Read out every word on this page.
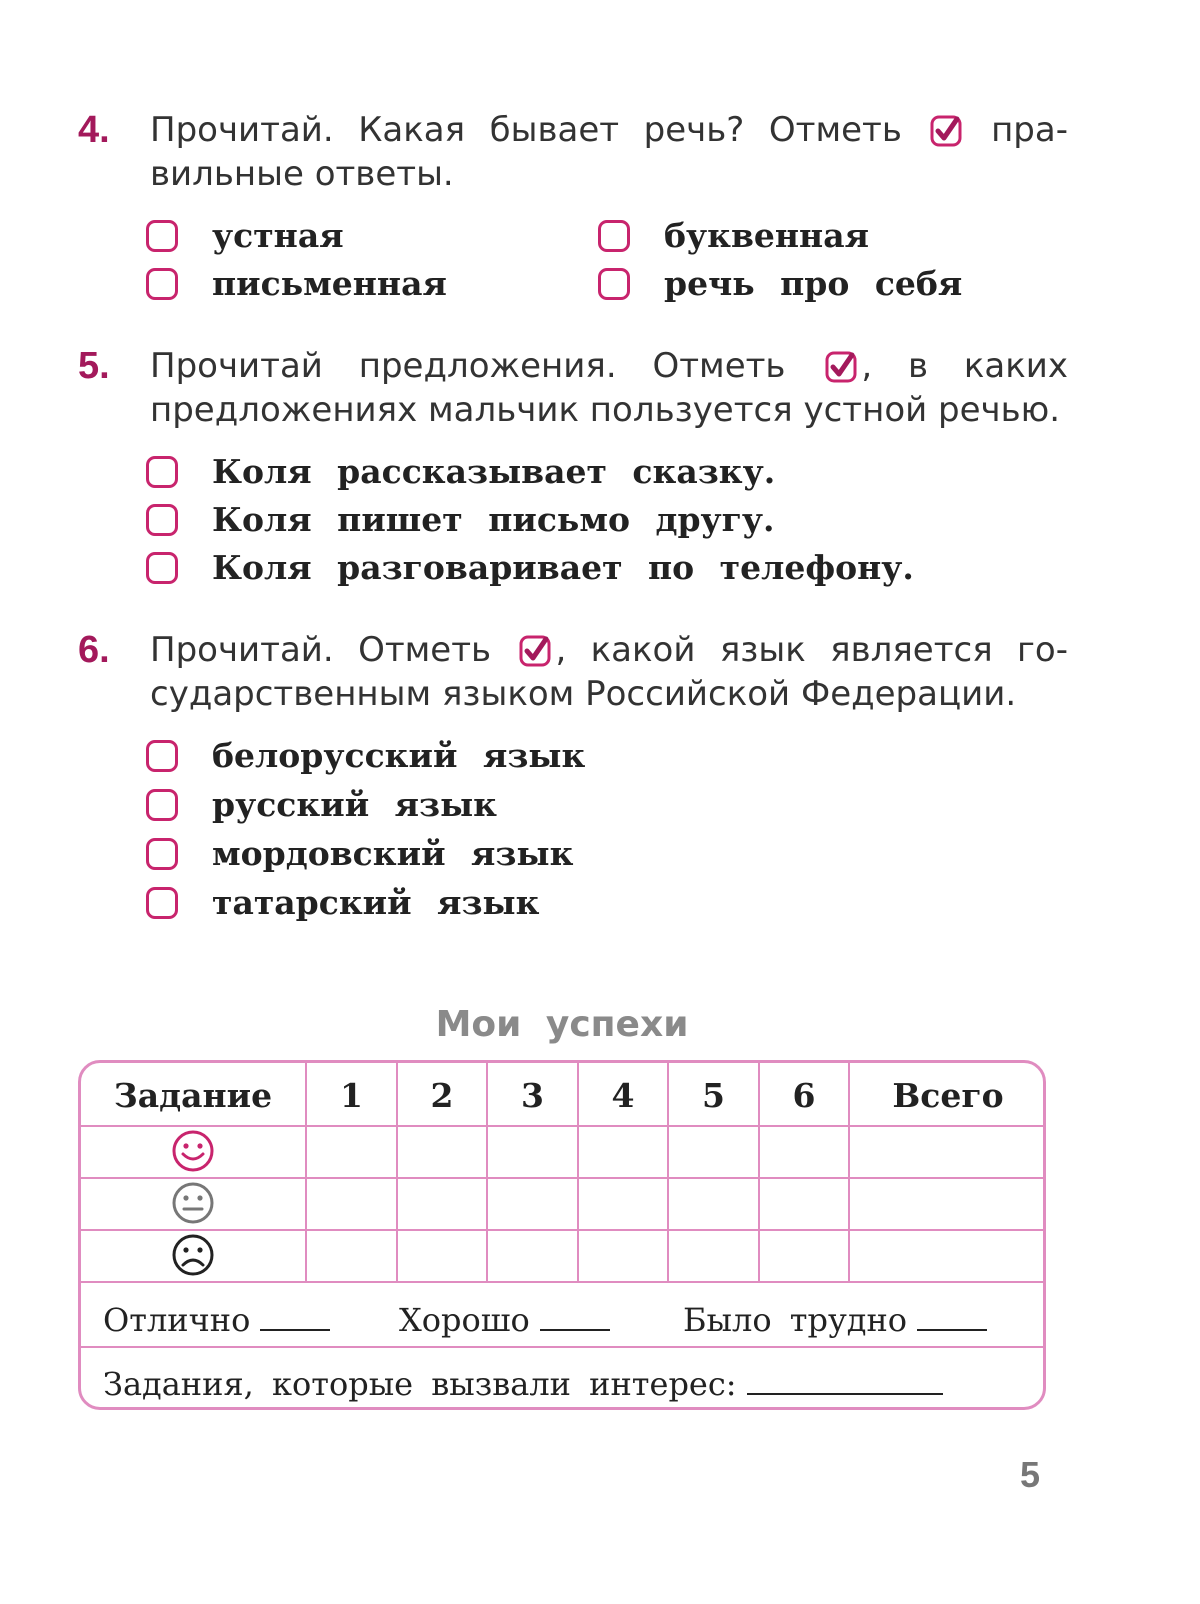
4. Прочитай. Какая бывает речь? Отметь	пра-
вильные ответы.
устная
письменная
буквенная
речь про себя
5. Прочитай предложения. Отметь , в каких
предложениях мальчик пользуется устной речью.
Коля рассказывает сказку.
Коля пишет письмо другу.
Коля разговаривает по телефону.
6. Прочитай. Отметь , какой язык является го-
сударственным языком Российской Федерации.
белорусский язык
русский язык
мордовский язык
татарский язык
Мои успехи
Задание	1	2	3	4	5	6	Всего
Отлично	Хорошо	Было трудно
Задания, которые вызвали интерес:
5
